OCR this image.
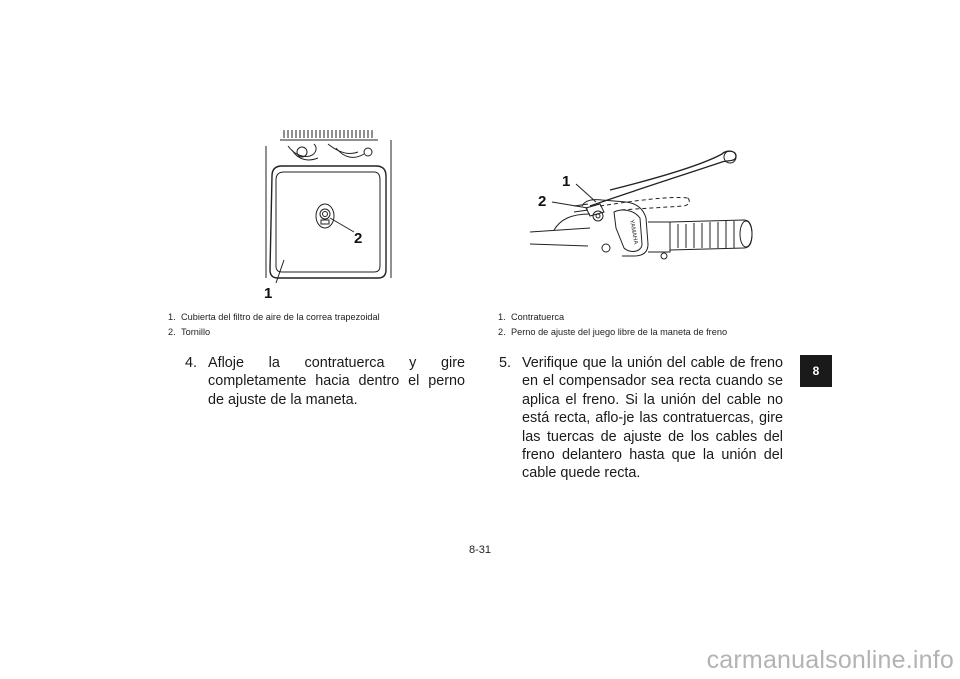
2
1
1. Cubierta del filtro de aire de la correa trapezoidal
2. Tornillo
4. Afloje la contratuerca y gire completamente hacia dentro el perno de ajuste de la maneta.
YAMAHA
1
2
1. Contratuerca
2. Perno de ajuste del juego libre de la maneta de freno
5. Verifique que la unión del cable de freno en el compensador sea recta cuando se aplica el freno. Si la unión del cable no está recta, aflo-je las contratuercas, gire las tuercas de ajuste de los cables del freno delantero hasta que la unión del cable quede recta.
8
8-31
carmanualsonline.info
